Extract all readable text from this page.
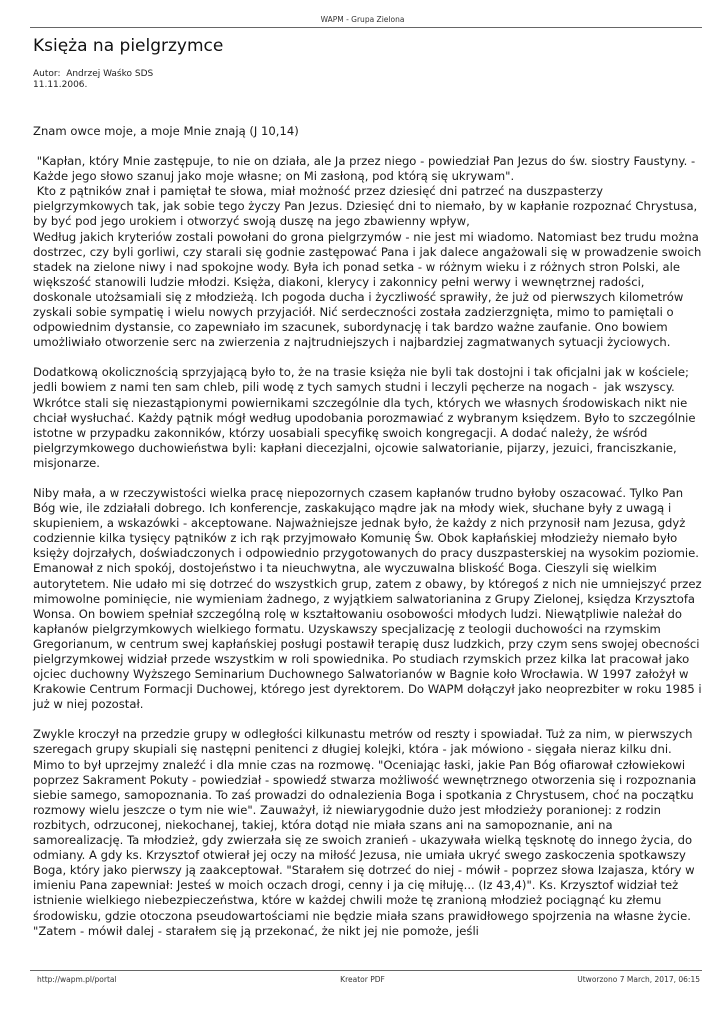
WAPM - Grupa Zielona
Księża na pielgrzymce
Autor:  Andrzej Waśko SDS
11.11.2006.

Znam owce moje, a moje Mnie znają (J 10,14)

"Kapłan, który Mnie zastępuje, to nie on działa, ale Ja przez niego - powiedział Pan Jezus do św. siostry Faustyny. - Każde jego słowo szanuj jako moje własne; on Mi zasłoną, pod którą się ukrywam".

Kto z pątników znał i pamiętał te słowa, miał możność przez dziesięć dni patrzeć na duszpasterzy pielgrzymkowych tak, jak sobie tego życzy Pan Jezus. Dziesięć dni to niemało, by w kapłanie rozpoznać Chrystusa, by być pod jego urokiem i otworzyć swoją duszę na jego zbawienny wpływ,

Według jakich kryteriów zostali powołani do grona pielgrzymów - nie jest mi wiadomo. Natomiast bez trudu można dostrzec, czy byli gorliwi, czy starali się godnie zastępować Pana i jak dalece angażowali się w prowadzenie swoich stadek na zielone niwy i nad spokojne wody. Była ich ponad setka - w różnym wieku i z różnych stron Polski, ale większość stanowili ludzie młodzi. Księża, diakoni, klerycy i zakonnicy pełni werwy i wewnętrznej radości, doskonale utożsamiali się z młodzieżą. Ich pogoda ducha i życzliwość sprawiły, że już od pierwszych kilometrów zyskali sobie sympatię i wielu nowych przyjaciół. Nić serdeczności została zadzierzgnięta, mimo to pamiętali o odpowiednim dystansie, co zapewniało im szacunek, subordynację i tak bardzo ważne zaufanie. Ono bowiem umożliwiało otworzenie serc na zwierzenia z najtrudniejszych i najbardziej zagmatwanych sytuacji życiowych.

Dodatkową okolicznością sprzyjającą było to, że na trasie księża nie byli tak dostojni i tak oficjalni jak w kościele; jedli bowiem z nami ten sam chleb, pili wodę z tych samych studni i leczyli pęcherze na nogach -  jak wszyscy. Wkrótce stali się niezastąpionymi powiernikami szczególnie dla tych, których we własnych środowiskach nikt nie chciał wysłuchać. Każdy pątnik mógł według upodobania porozmawiać z wybranym księdzem. Było to szczególnie istotne w przypadku zakonników, którzy uosabiali specyfikę swoich kongregacji. A dodać należy, że wśród pielgrzymkowego duchowieństwa byli: kapłani diecezjalni, ojcowie salwatorianie, pijarzy, jezuici, franciszkanie, misjonarze.

Niby mała, a w rzeczywistości wielka pracę niepozornych czasem kapłanów trudno byłoby oszacować. Tylko Pan Bóg wie, ile zdziałali dobrego. Ich konferencje, zaskakująco mądre jak na młody wiek, słuchane były z uwagą i skupieniem, a wskazówki - akceptowane. Najważniejsze jednak było, że każdy z nich przynosił nam Jezusa, gdyż codziennie kilka tysięcy pątników z ich rąk przyjmowało Komunię Św. Obok kapłańskiej młodzieży niemało było księży dojrzałych, doświadczonych i odpowiednio przygotowanych do pracy duszpasterskiej na wysokim poziomie. Emanował z nich spokój, dostojeństwo i ta nieuchwytna, ale wyczuwalna bliskość Boga. Cieszyli się wielkim autorytetem. Nie udało mi się dotrzeć do wszystkich grup, zatem z obawy, by któregoś z nich nie umniejszyć przez mimowolne pominięcie, nie wymieniam żadnego, z wyjątkiem salwatorianina z Grupy Zielonej, księdza Krzysztofa Wonsa. On bowiem spełniał szczególną rolę w kształtowaniu osobowości młodych ludzi. Niewątpliwie należał do kapłanów pielgrzymkowych wielkiego formatu. Uzyskawszy specjalizację z teologii duchowości na rzymskim Gregorianum, w centrum swej kapłańskiej posługi postawił terapię dusz ludzkich, przy czym sens swojej obecności pielgrzymkowej widział przede wszystkim w roli spowiednika. Po studiach rzymskich przez kilka lat pracował jako ojciec duchowny Wyższego Seminarium Duchownego Salwatorianów w Bagnie koło Wrocławia. W 1997 założył w Krakowie Centrum Formacji Duchowej, którego jest dyrektorem. Do WAPM dołączył jako neoprezbiter w roku 1985 i już w niej pozostał.

Zwykle kroczył na przedzie grupy w odległości kilkunastu metrów od reszty i spowiadał. Tuż za nim, w pierwszych szeregach grupy skupiali się następni penitenci z długiej kolejki, która - jak mówiono - sięgała nieraz kilku dni. Mimo to był uprzejmy znaleźć i dla mnie czas na rozmowę. "Oceniając łaski, jakie Pan Bóg ofiarował człowiekowi poprzez Sakrament Pokuty - powiedział - spowiedź stwarza możliwość wewnętrznego otworzenia się i rozpoznania siebie samego, samopoznania. To zaś prowadzi do odnalezienia Boga i spotkania z Chrystusem, choć na początku rozmowy wielu jeszcze o tym nie wie". Zauważył, iż niewiarygodnie dużo jest młodzieży poranionej: z rodzin rozbitych, odrzuconej, niekochanej, takiej, która dotąd nie miała szans ani na samopoznanie, ani na samorealizację. Ta młodzież, gdy zwierzała się ze swoich zranień - ukazywała wielką tęsknotę do innego życia, do odmiany. A gdy ks. Krzysztof otwierał jej oczy na miłość Jezusa, nie umiała ukryć swego zaskoczenia spotkawszy Boga, który jako pierwszy ją zaakceptował. "Starałem się dotrzeć do niej - mówił - poprzez słowa Izajasza, który w imieniu Pana zapewniał: Jesteś w moich oczach drogi, cenny i ja cię miłuję... (Iz 43,4)". Ks. Krzysztof widział też istnienie wielkiego niebezpieczeństwa, które w każdej chwili może tę zranioną młodzież pociągnąć ku złemu środowisku, gdzie otoczona pseudowartościami nie będzie miała szans prawidłowego spojrzenia na własne życie. "Zatem - mówił dalej - starałem się ją przekonać, że nikt jej nie pomoże, jeśli

http://wapm.pl/portal	Kreator PDF	Utworzono 7 March, 2017, 06:15
